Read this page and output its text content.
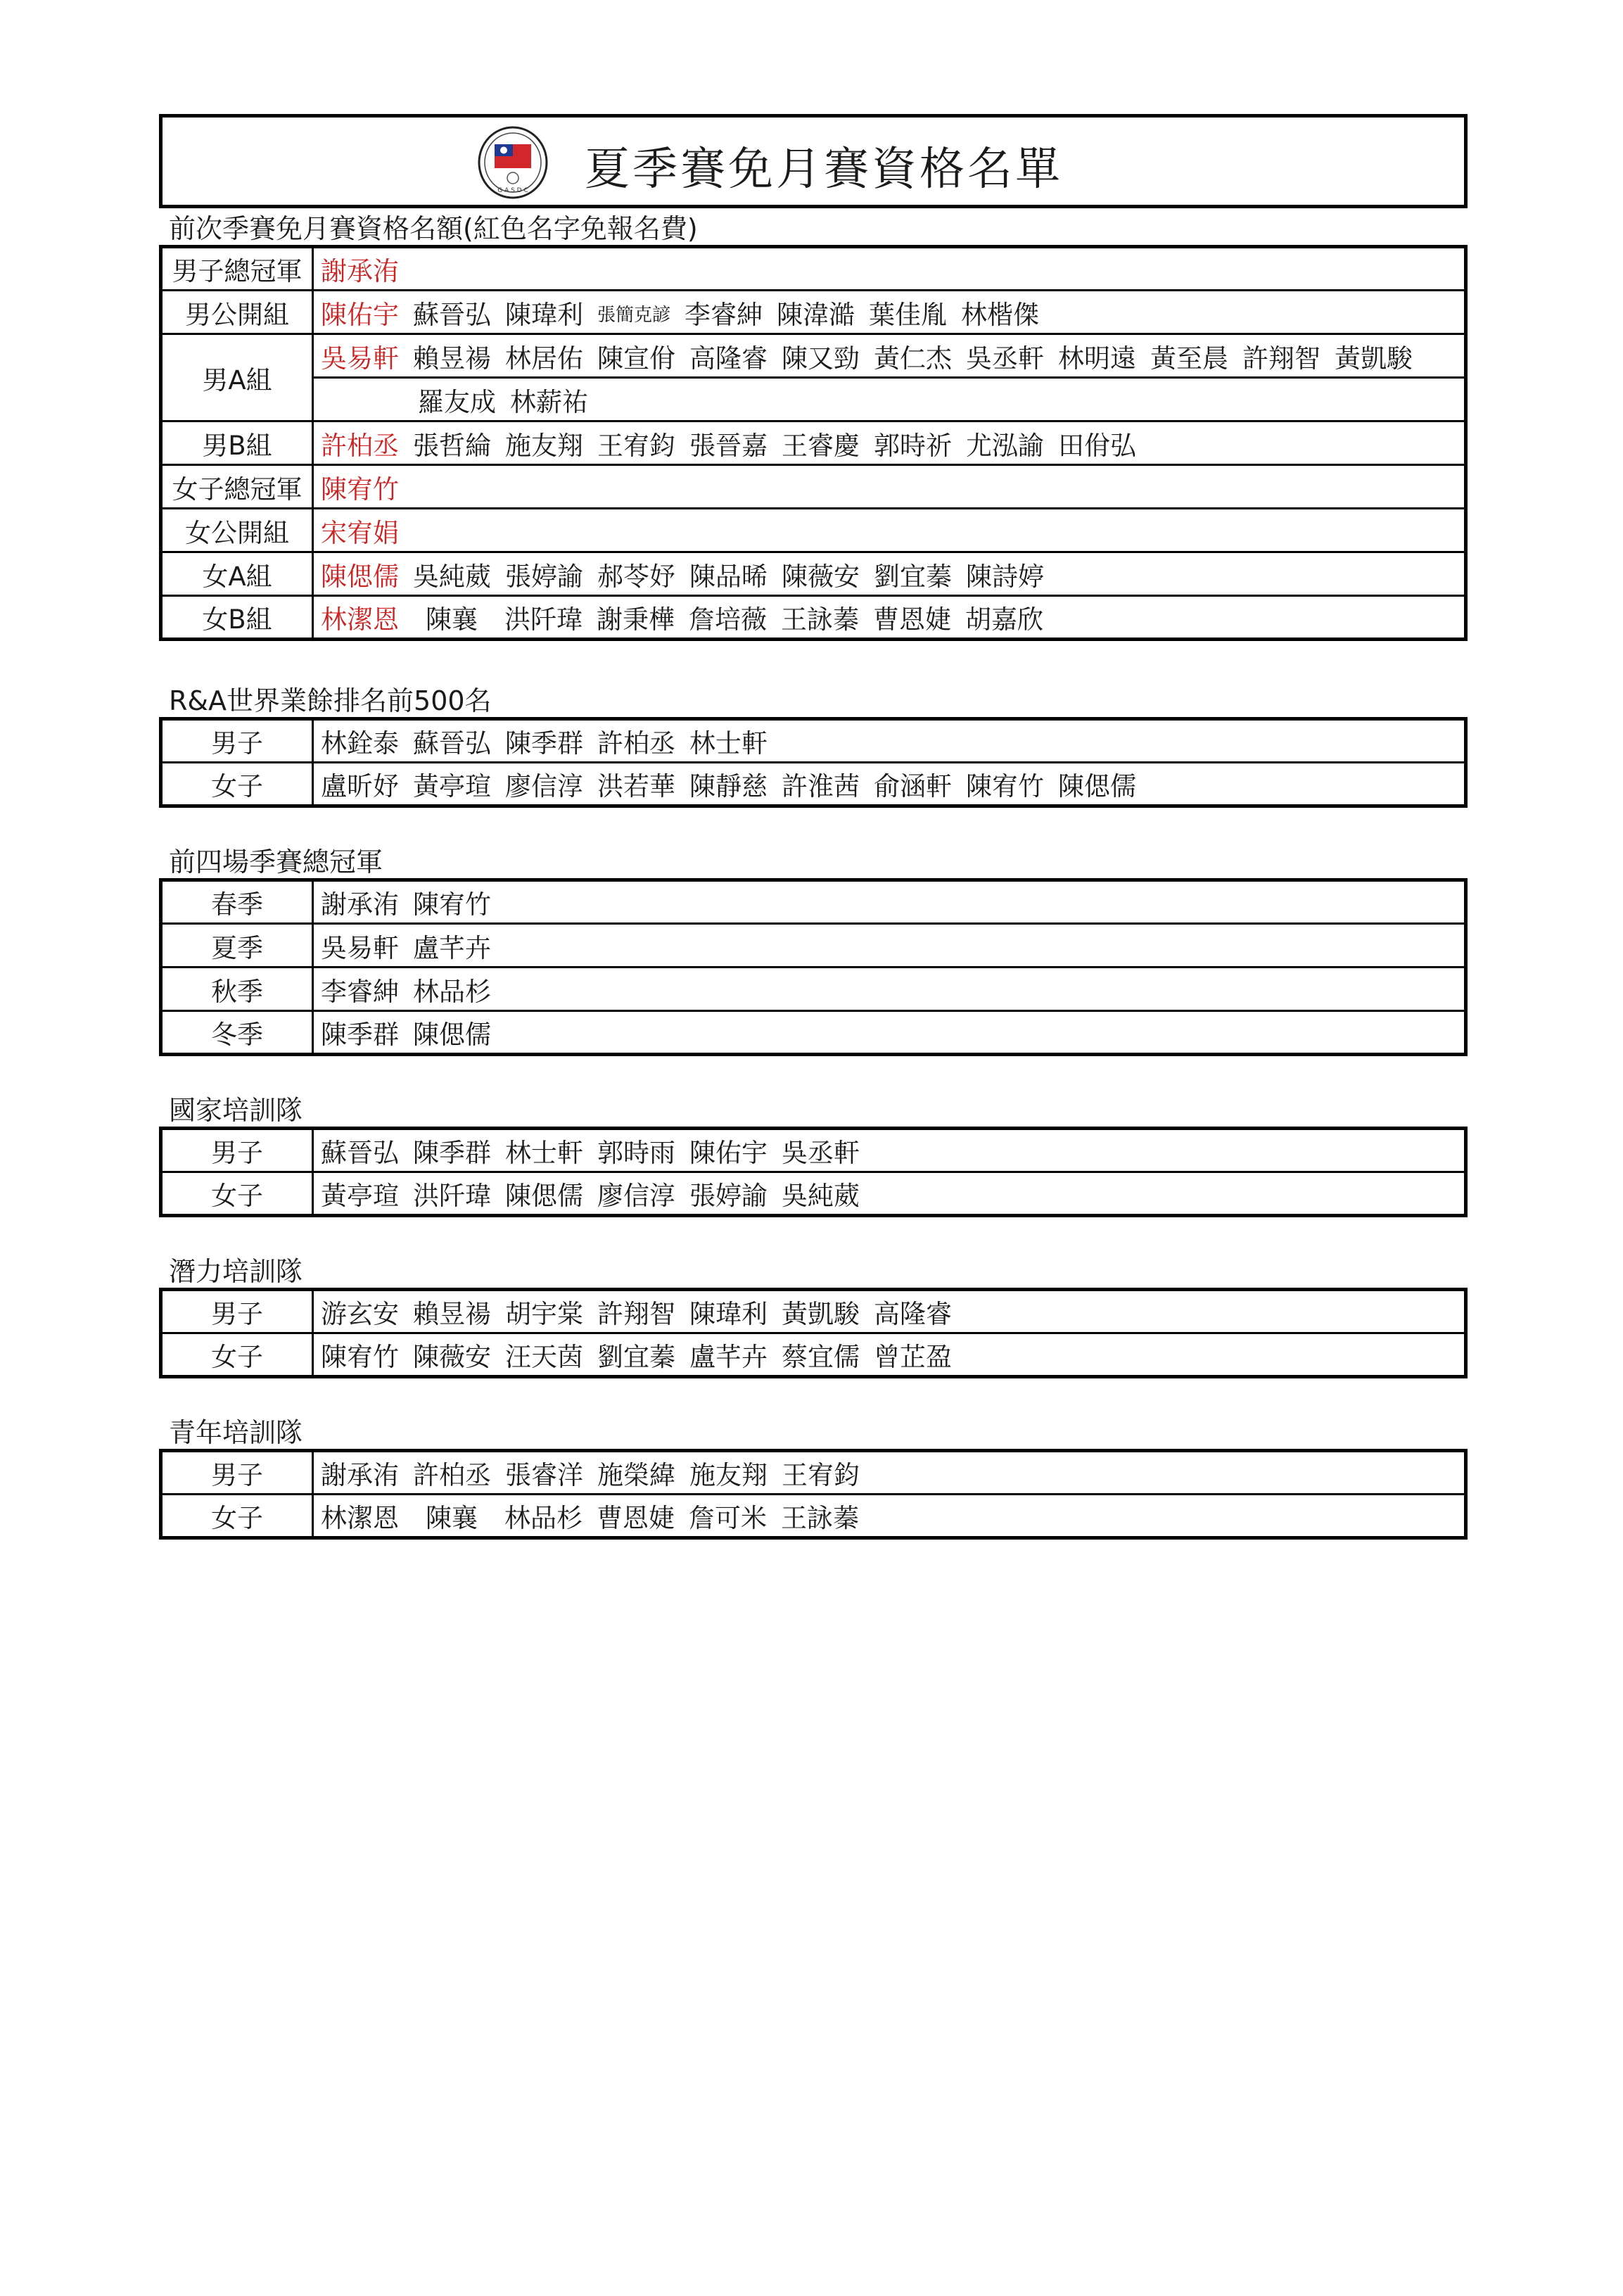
G A S D C 夏季賽免月賽資格名單
前次季賽免月賽資格名額(紅色名字免報名費)
男子總冠軍	謝承洧
男公開組	陳佑宇 蘇晉弘 陳瑋利 張簡克諺 李睿紳 陳湋澔 葉佳胤 林楷傑
男A組	吳易軒 賴昱禓 林居佑 陳宣佾 高隆睿 陳又勁 黃仁杰 吳丞軒 林明遠 黃至晨 許翔智 黃凱駿
	羅友成 林薪祐
男B組	許柏丞 張哲綸 施友翔 王宥鈞 張晉嘉 王睿慶 郭時祈 尤泓諭 田佾弘
女子總冠軍	陳宥竹
女公開組	宋宥娟
女A組	陳偲儒 吳純葳 張婷諭 郝苓妤 陳品晞 陳薇安 劉宜蓁 陳詩婷
女B組	林潔恩 陳襄 洪阡瑋 謝秉樺 詹培薇 王詠蓁 曹恩婕 胡嘉欣
R&A世界業餘排名前500名
男子	林銓泰 蘇晉弘 陳季群 許柏丞 林士軒
女子	盧昕妤 黃亭瑄 廖信淳 洪若華 陳靜慈 許淮茜 俞涵軒 陳宥竹 陳偲儒
前四場季賽總冠軍
春季	謝承洧 陳宥竹
夏季	吳易軒 盧芊卉
秋季	李睿紳 林品杉
冬季	陳季群 陳偲儒
國家培訓隊
男子	蘇晉弘 陳季群 林士軒 郭時雨 陳佑宇 吳丞軒
女子	黃亭瑄 洪阡瑋 陳偲儒 廖信淳 張婷諭 吳純葳
潛力培訓隊
男子	游玄安 賴昱禓 胡宇棠 許翔智 陳瑋利 黃凱駿 高隆睿
女子	陳宥竹 陳薇安 汪天茵 劉宜蓁 盧芊卉 蔡宜儒 曾芷盈
青年培訓隊
男子	謝承洧 許柏丞 張睿洋 施榮緯 施友翔 王宥鈞
女子	林潔恩 陳襄 林品杉 曹恩婕 詹可米 王詠蓁
